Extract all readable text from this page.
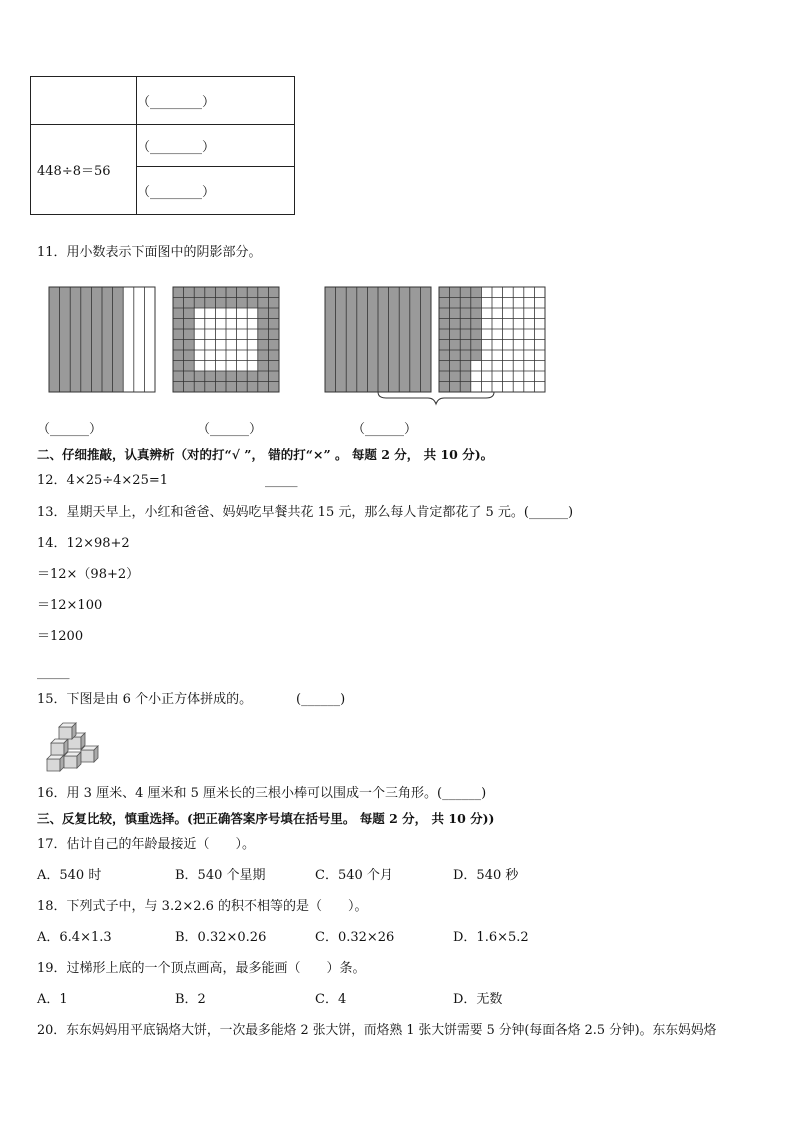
	（________）
448÷8＝56	（________）
	（________）
11．用小数表示下面图中的阴影部分。
（______）	（______）	（______）
二、仔细推敲，认真辨析（对的打“√ ”， 错的打“×” 。 每题 2 分， 共 10 分)。
12．4×25÷4×25=1	_____
13．星期天早上，小红和爸爸、妈妈吃早餐共花 15 元，那么每人肯定都花了 5 元。(______)
14．12×98+2
＝12×（98+2）
＝12×100
＝1200
_____
15．下图是由 6 个小正方体拼成的。	(______)
16．用 3 厘米、4 厘米和 5 厘米长的三根小棒可以围成一个三角形。(______)
三、反复比较，慎重选择。(把正确答案序号填在括号里。 每题 2 分， 共 10 分))
17．估计自己的年龄最接近（　　）。
A．540 时	B．540 个星期	C．540 个月	D．540 秒
18．下列式子中，与 3.2×2.6 的积不相等的是（　　）。
A．6.4×1.3	B．0.32×0.26	C．0.32×26	D．1.6×5.2
19．过梯形上底的一个顶点画高，最多能画（　　）条。
A．1	B．2	C．4	D．无数
20．东东妈妈用平底锅烙大饼，一次最多能烙 2 张大饼，而烙熟 1 张大饼需要 5 分钟(每面各烙 2.5 分钟)。东东妈妈烙
